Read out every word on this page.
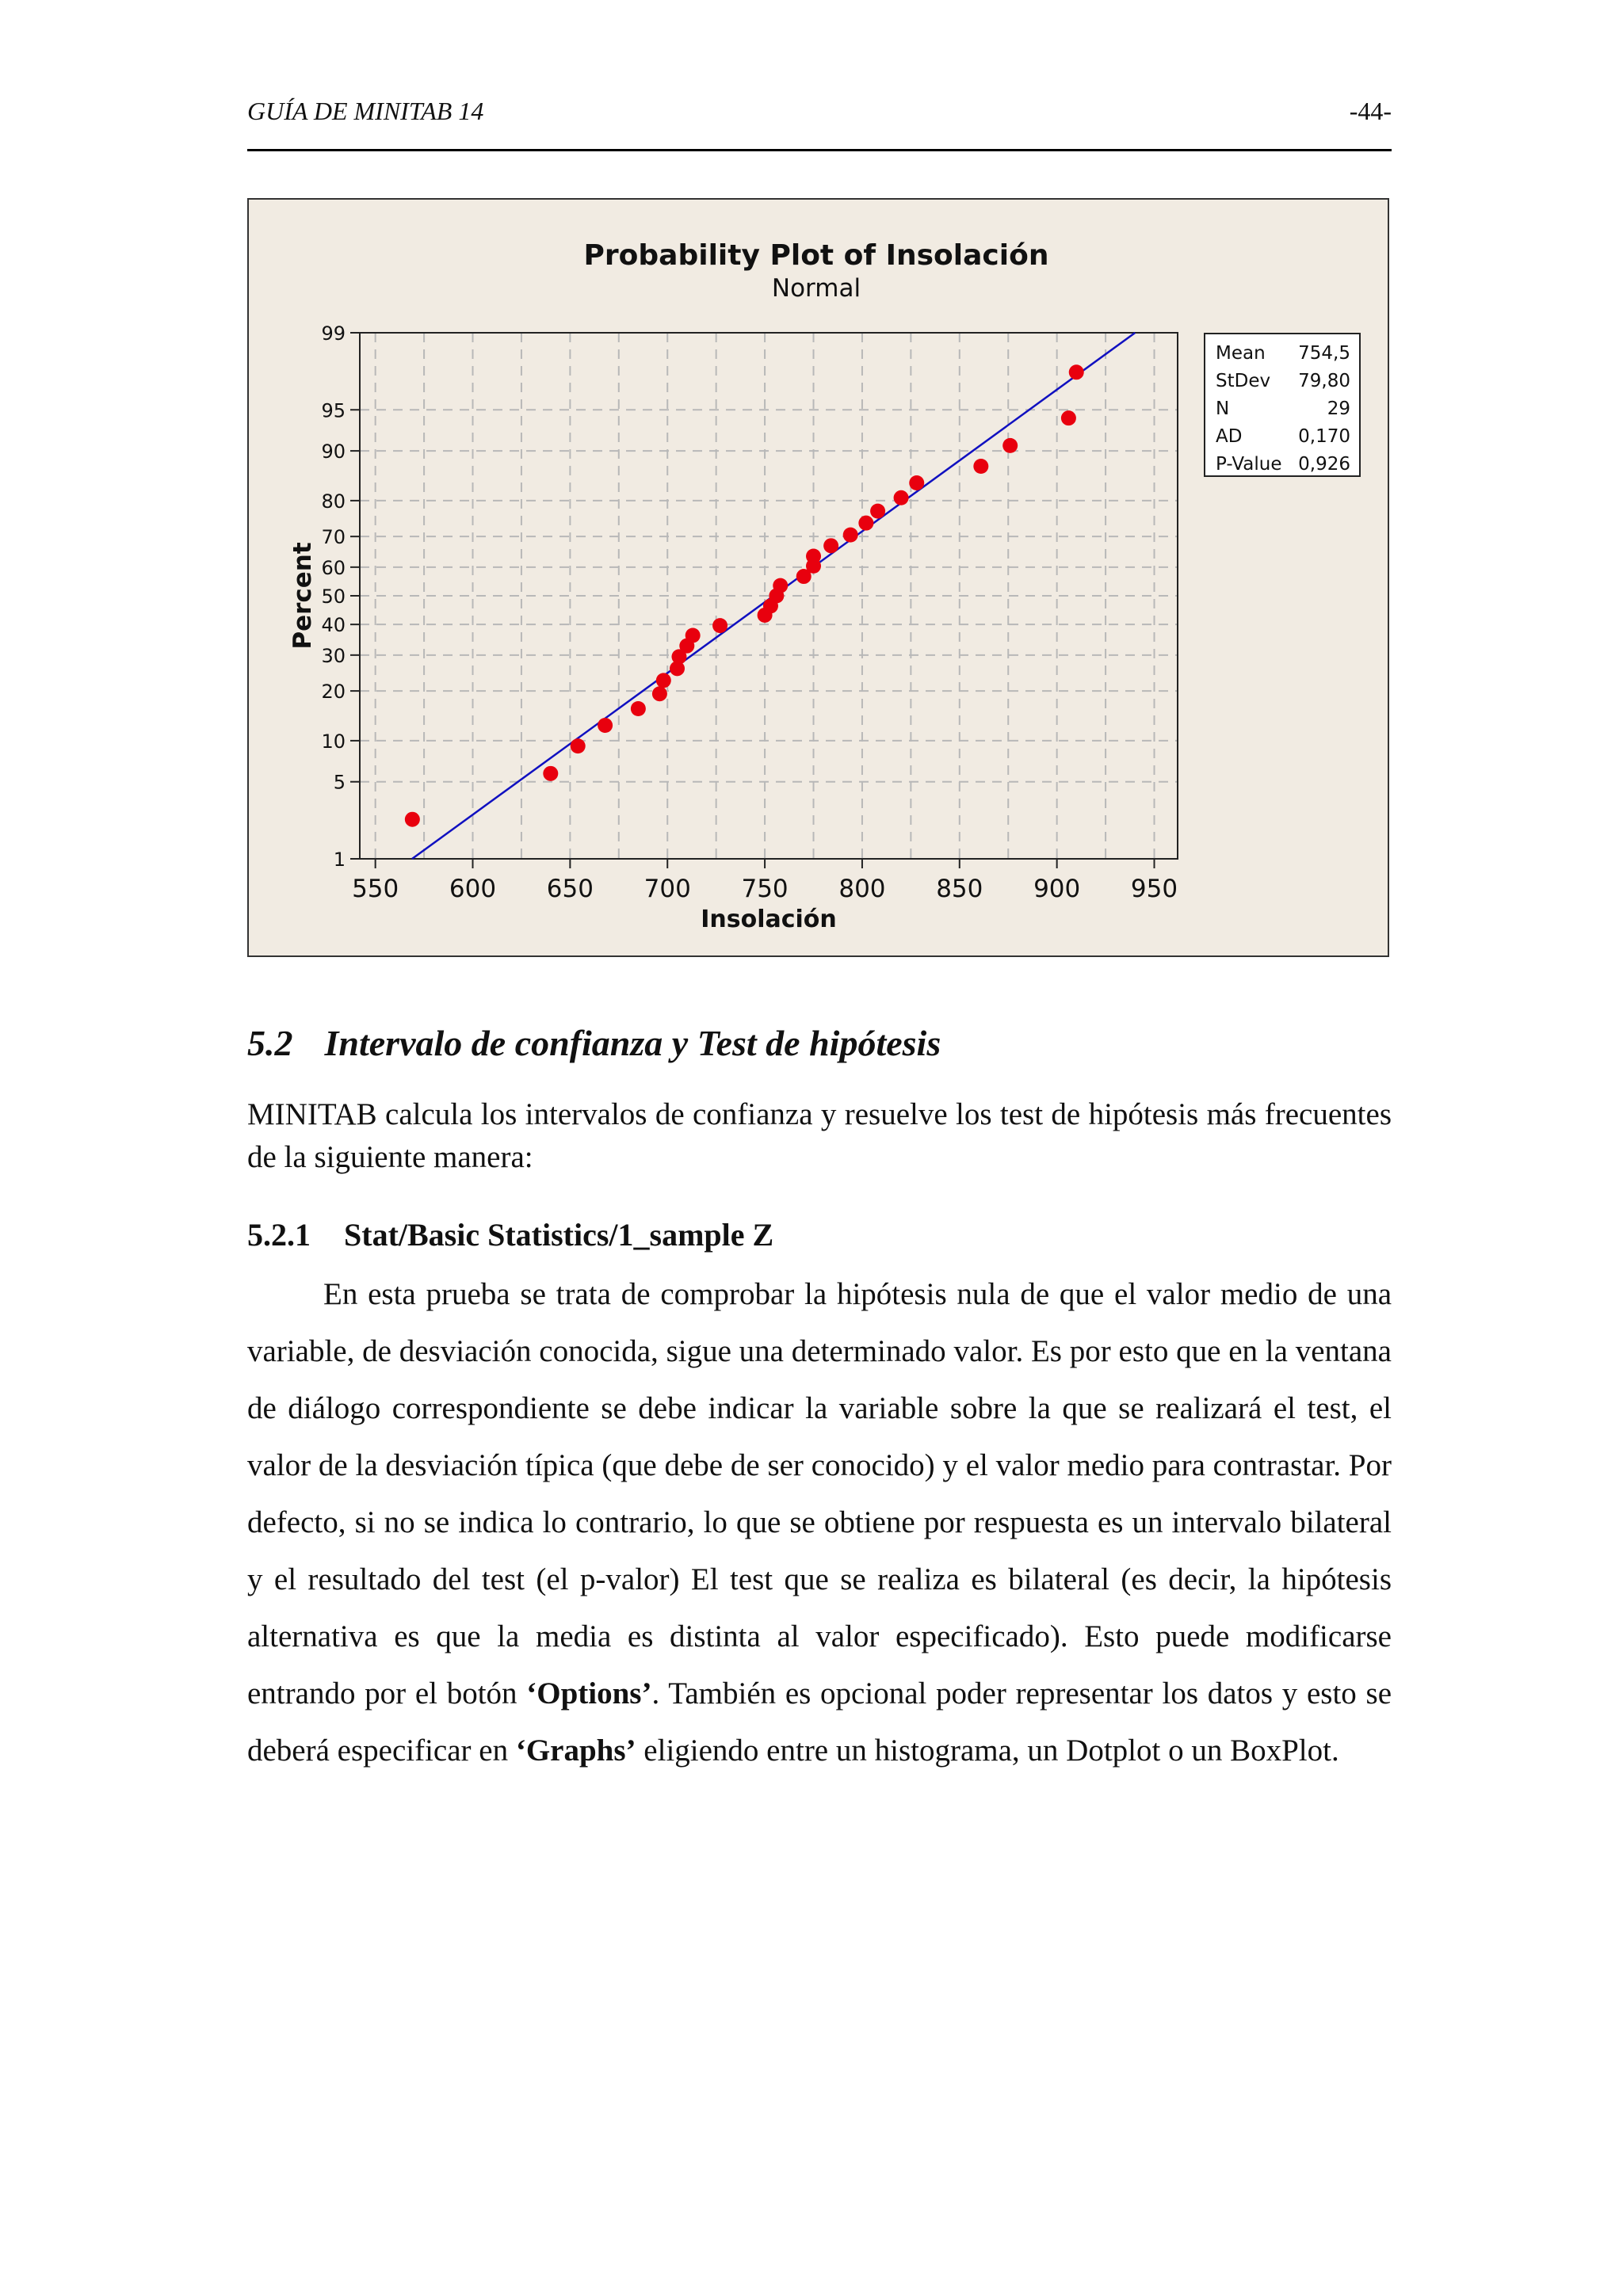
GUÍA DE MINITAB 14	-44-
Probability Plot of Insolación
Normal
550 600 650 700 750 800 850 900 950
1
5
10
20
30
40
50
60
70
80
90
95
99
Insolación
Percent
Mean 754,5
StDev 79,80
N	29
AD	0,170
P-Value 0,926
5.2 Intervalo de confianza y Test de hipótesis
MINITAB calcula los intervalos de confianza y resuelve los test de hipótesis más frecuentes de la siguiente manera:
5.2.1 Stat/Basic Statistics/1_sample Z
En esta prueba se trata de comprobar la hipótesis nula de que el valor medio de una variable, de desviación conocida, sigue una determinado valor. Es por esto que en la ventana de diálogo correspondiente se debe indicar la variable sobre la que se realizará el test, el valor de la desviación típica (que debe de ser conocido) y el valor medio para contrastar. Por defecto, si no se indica lo contrario, lo que se obtiene por respuesta es un intervalo bilateral y el resultado del test (el p-valor) El test que se realiza es bilateral (es decir, la hipótesis alternativa es que la media es distinta al valor especificado). Esto puede modificarse entrando por el botón ‘Options’. También es opcional poder representar los datos y esto se deberá especificar en ‘Graphs’ eligiendo entre un histograma, un Dotplot o un BoxPlot.
